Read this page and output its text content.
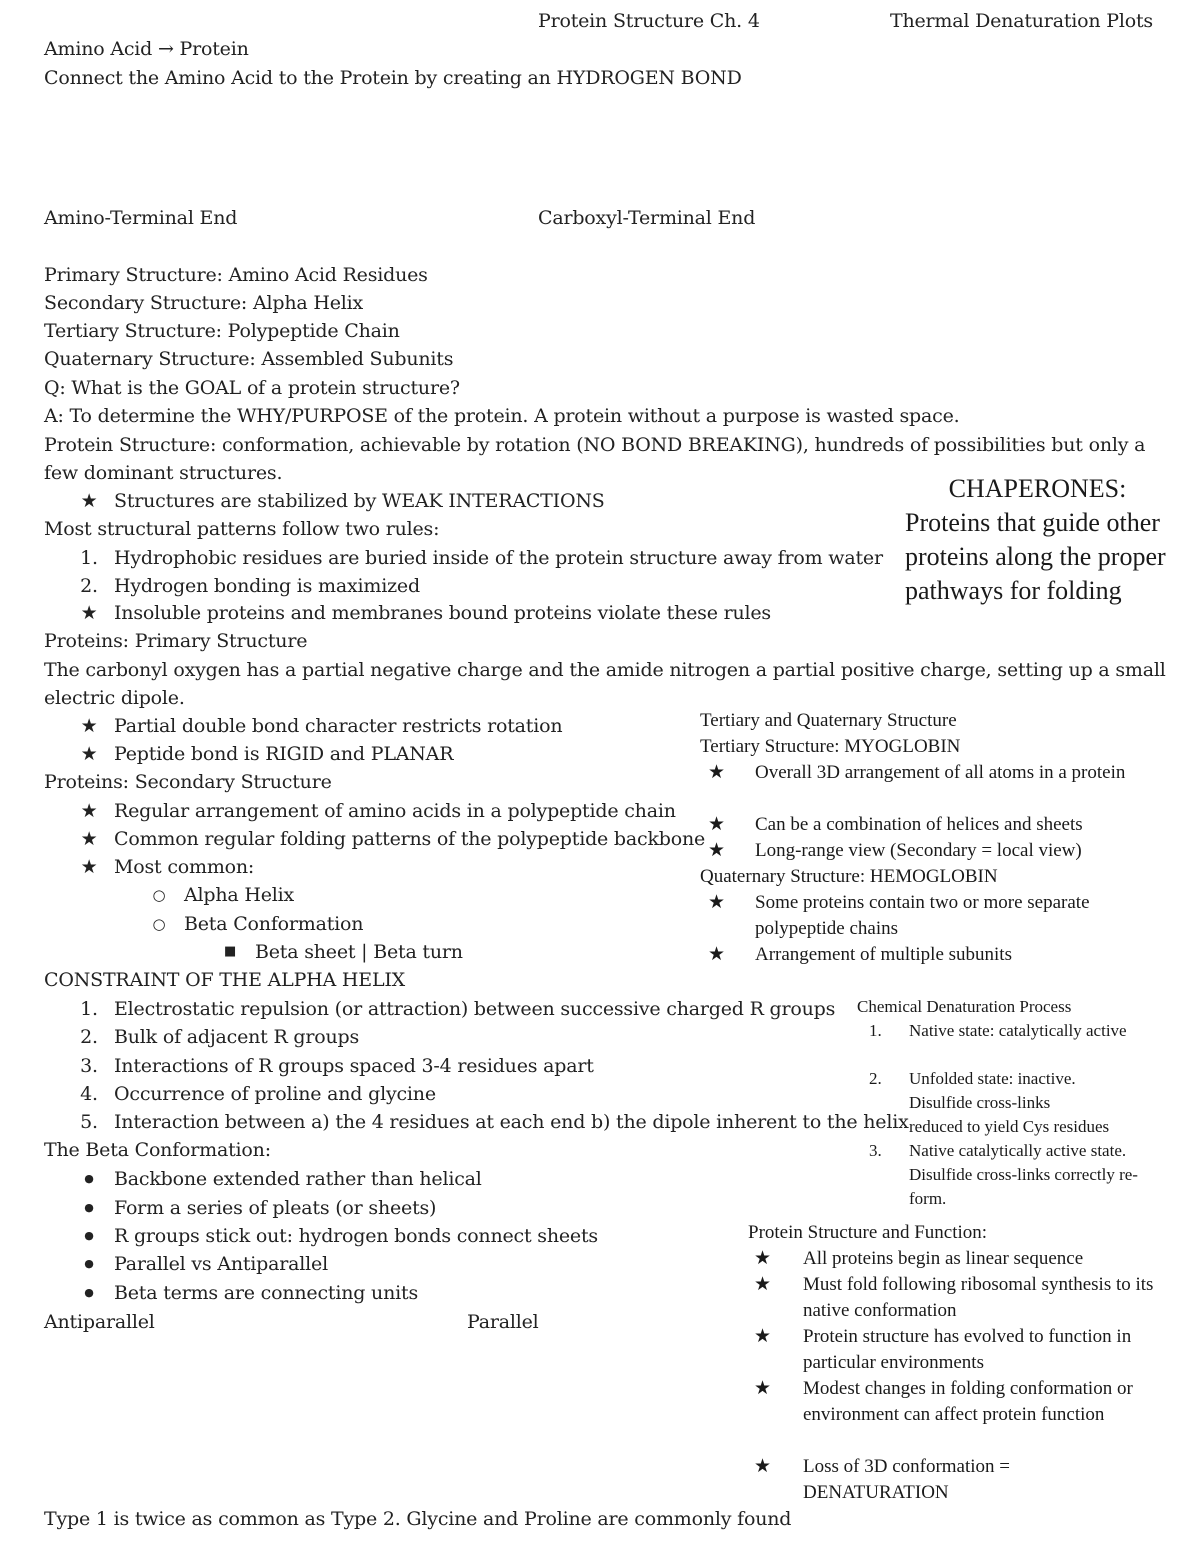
Protein Structure Ch. 4	Thermal Denaturation Plots
Amino Acid → Protein
Connect the Amino Acid to the Protein by creating an HYDROGEN BOND
Amino-Terminal End	Carboxyl-Terminal End
Primary Structure: Amino Acid Residues
Secondary Structure: Alpha Helix
Tertiary Structure: Polypeptide Chain
Quaternary Structure: Assembled Subunits
Q: What is the GOAL of a protein structure?
A: To determine the WHY/PURPOSE of the protein. A protein without a purpose is wasted space.
Protein Structure: conformation, achievable by rotation (NO BOND BREAKING), hundreds of possibilities but only a
few dominant structures.
★ Structures are stabilized by WEAK INTERACTIONS
Most structural patterns follow two rules:
1. Hydrophobic residues are buried inside of the protein structure away from water
2. Hydrogen bonding is maximized
★ Insoluble proteins and membranes bound proteins violate these rules
Proteins: Primary Structure
The carbonyl oxygen has a partial negative charge and the amide nitrogen a partial positive charge, setting up a small
electric dipole.
★ Partial double bond character restricts rotation
★ Peptide bond is RIGID and PLANAR
Proteins: Secondary Structure
★ Regular arrangement of amino acids in a polypeptide chain
★ Common regular folding patterns of the polypeptide backbone
★ Most common:
○ Alpha Helix
○ Beta Conformation
■ Beta sheet | Beta turn
CONSTRAINT OF THE ALPHA HELIX
1. Electrostatic repulsion (or attraction) between successive charged R groups
2. Bulk of adjacent R groups
3. Interactions of R groups spaced 3-4 residues apart
4. Occurrence of proline and glycine
5. Interaction between a) the 4 residues at each end b) the dipole inherent to the helix
The Beta Conformation:
●	Backbone extended rather than helical
●	Form a series of pleats (or sheets)
●	R groups stick out: hydrogen bonds connect sheets
●	Parallel vs Antiparallel
●	Beta terms are connecting units
Antiparallel	Parallel
Type 1 is twice as common as Type 2. Glycine and Proline are commonly found
CHAPERONES:
Proteins that guide other proteins along the proper pathways for folding
Tertiary and Quaternary Structure
Tertiary Structure: MYOGLOBIN
★ Overall 3D arrangement of all atoms in a protein
★ Can be a combination of helices and sheets
★ Long-range view (Secondary = local view)
Quaternary Structure: HEMOGLOBIN
★ Some proteins contain two or more separate polypeptide chains
★ Arrangement of multiple subunits
Chemical Denaturation Process
1. Native state: catalytically active
2. Unfolded state: inactive.
Disulfide cross-links
reduced to yield Cys residues
3. Native catalytically active state. Disulfide cross-links correctly re-form.
Protein Structure and Function:
★ All proteins begin as linear sequence
★ Must fold following ribosomal synthesis to its native conformation
★ Protein structure has evolved to function in particular environments
★ Modest changes in folding conformation or environment can affect protein function
★ Loss of 3D conformation = DENATURATION
